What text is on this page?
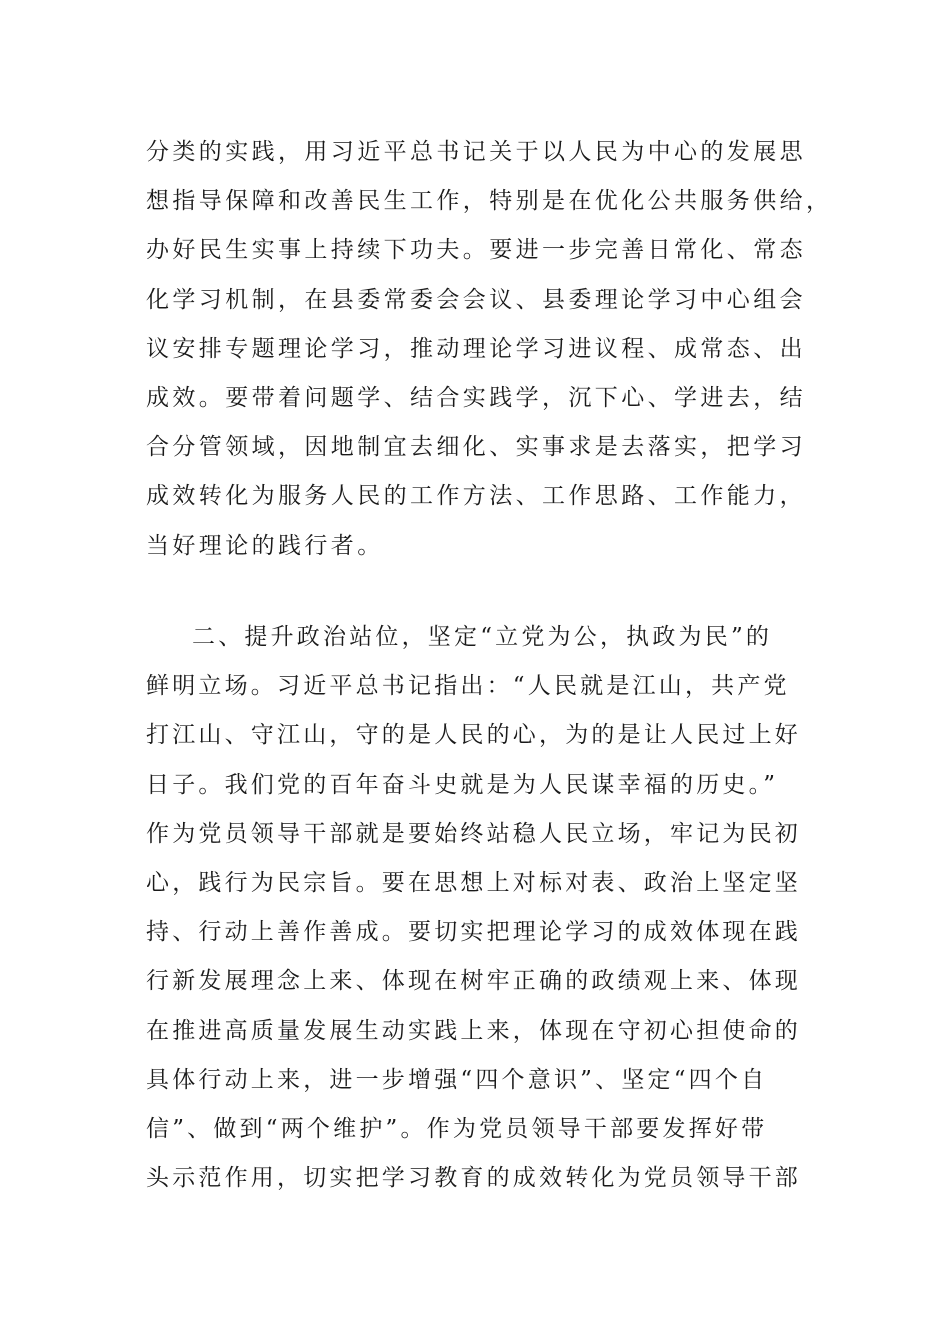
分类的实践，用习近平总书记关于以人民为中心的发展思
想指导保障和改善民生工作，特别是在优化公共服务供给，
办好民生实事上持续下功夫。要进一步完善日常化、常态
化学习机制，在县委常委会会议、县委理论学习中心组会
议安排专题理论学习，推动理论学习进议程、成常态、出
成效。要带着问题学、结合实践学，沉下心、学进去，结
合分管领域，因地制宜去细化、实事求是去落实，把学习
成效转化为服务人民的工作方法、工作思路、工作能力，
当好理论的践行者。
二、提升政治站位，坚定“立党为公，执政为民”的
鲜明立场。习近平总书记指出：“人民就是江山，共产党
打江山、守江山，守的是人民的心，为的是让人民过上好
日子。我们党的百年奋斗史就是为人民谋幸福的历史。”
作为党员领导干部就是要始终站稳人民立场，牢记为民初
心，践行为民宗旨。要在思想上对标对表、政治上坚定坚
持、行动上善作善成。要切实把理论学习的成效体现在践
行新发展理念上来、体现在树牢正确的政绩观上来、体现
在推进高质量发展生动实践上来，体现在守初心担使命的
具体行动上来，进一步增强“四个意识”、坚定“四个自
信”、做到“两个维护”。作为党员领导干部要发挥好带
头示范作用，切实把学习教育的成效转化为党员领导干部
